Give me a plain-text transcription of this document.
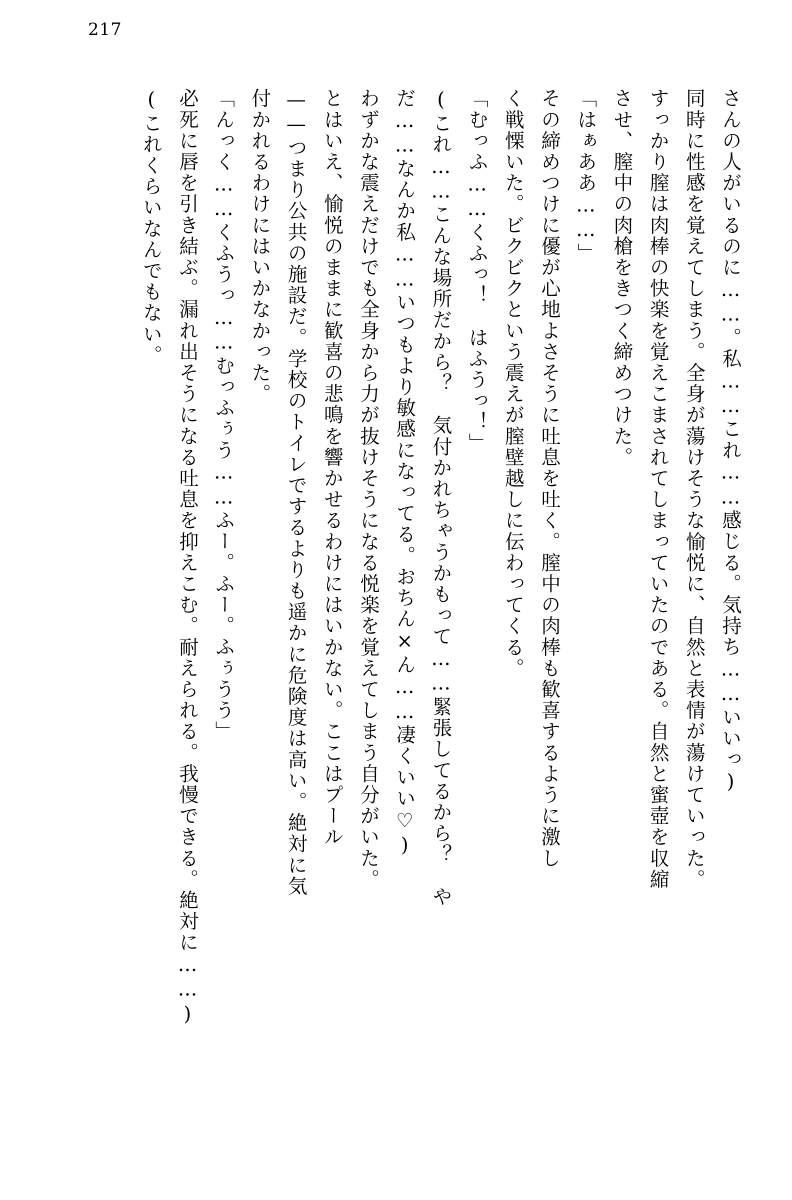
217

さんの人がいるのに……。私……これ……感じる。気持ち……いいっ)

同時に性感を覚えてしまう。全身が蕩けそうな愉悦に、自然と表情が蕩けていった。

すっかり膣は肉棒の快楽を覚えこまされてしまっていたのである。自然と蜜壺を収縮

させ、膣中の肉槍をきつく締めつけた。

「はぁああ……」

その締めつけに優が心地よさそうに吐息を吐く。膣中の肉棒も歓喜するように激し

く戦慄いた。ビクビクという震えが膣壁越しに伝わってくる。

「むっふ……くふっ！　はふうっ！」

(これ……こんな場所だから？　気付かれちゃうかもって……緊張してるから？　や

だ……なんか私……いつもより敏感になってる。おちん×ん……凄くいい♡)

わずかな震えだけでも全身から力が抜けそうになる悦楽を覚えてしまう自分がいた。

とはいえ、愉悦のままに歓喜の悲鳴を響かせるわけにはいかない。ここはプール

——つまり公共の施設だ。学校のトイレでするよりも遥かに危険度は高い。絶対に気

付かれるわけにはいかなかった。

「んっく……くふうっ……むっふぅう……ふー。ふー。ふぅうう」

必死に唇を引き結ぶ。漏れ出そうになる吐息を抑えこむ。耐えられる。我慢できる。絶対に……)

(これくらいなんでもない。
